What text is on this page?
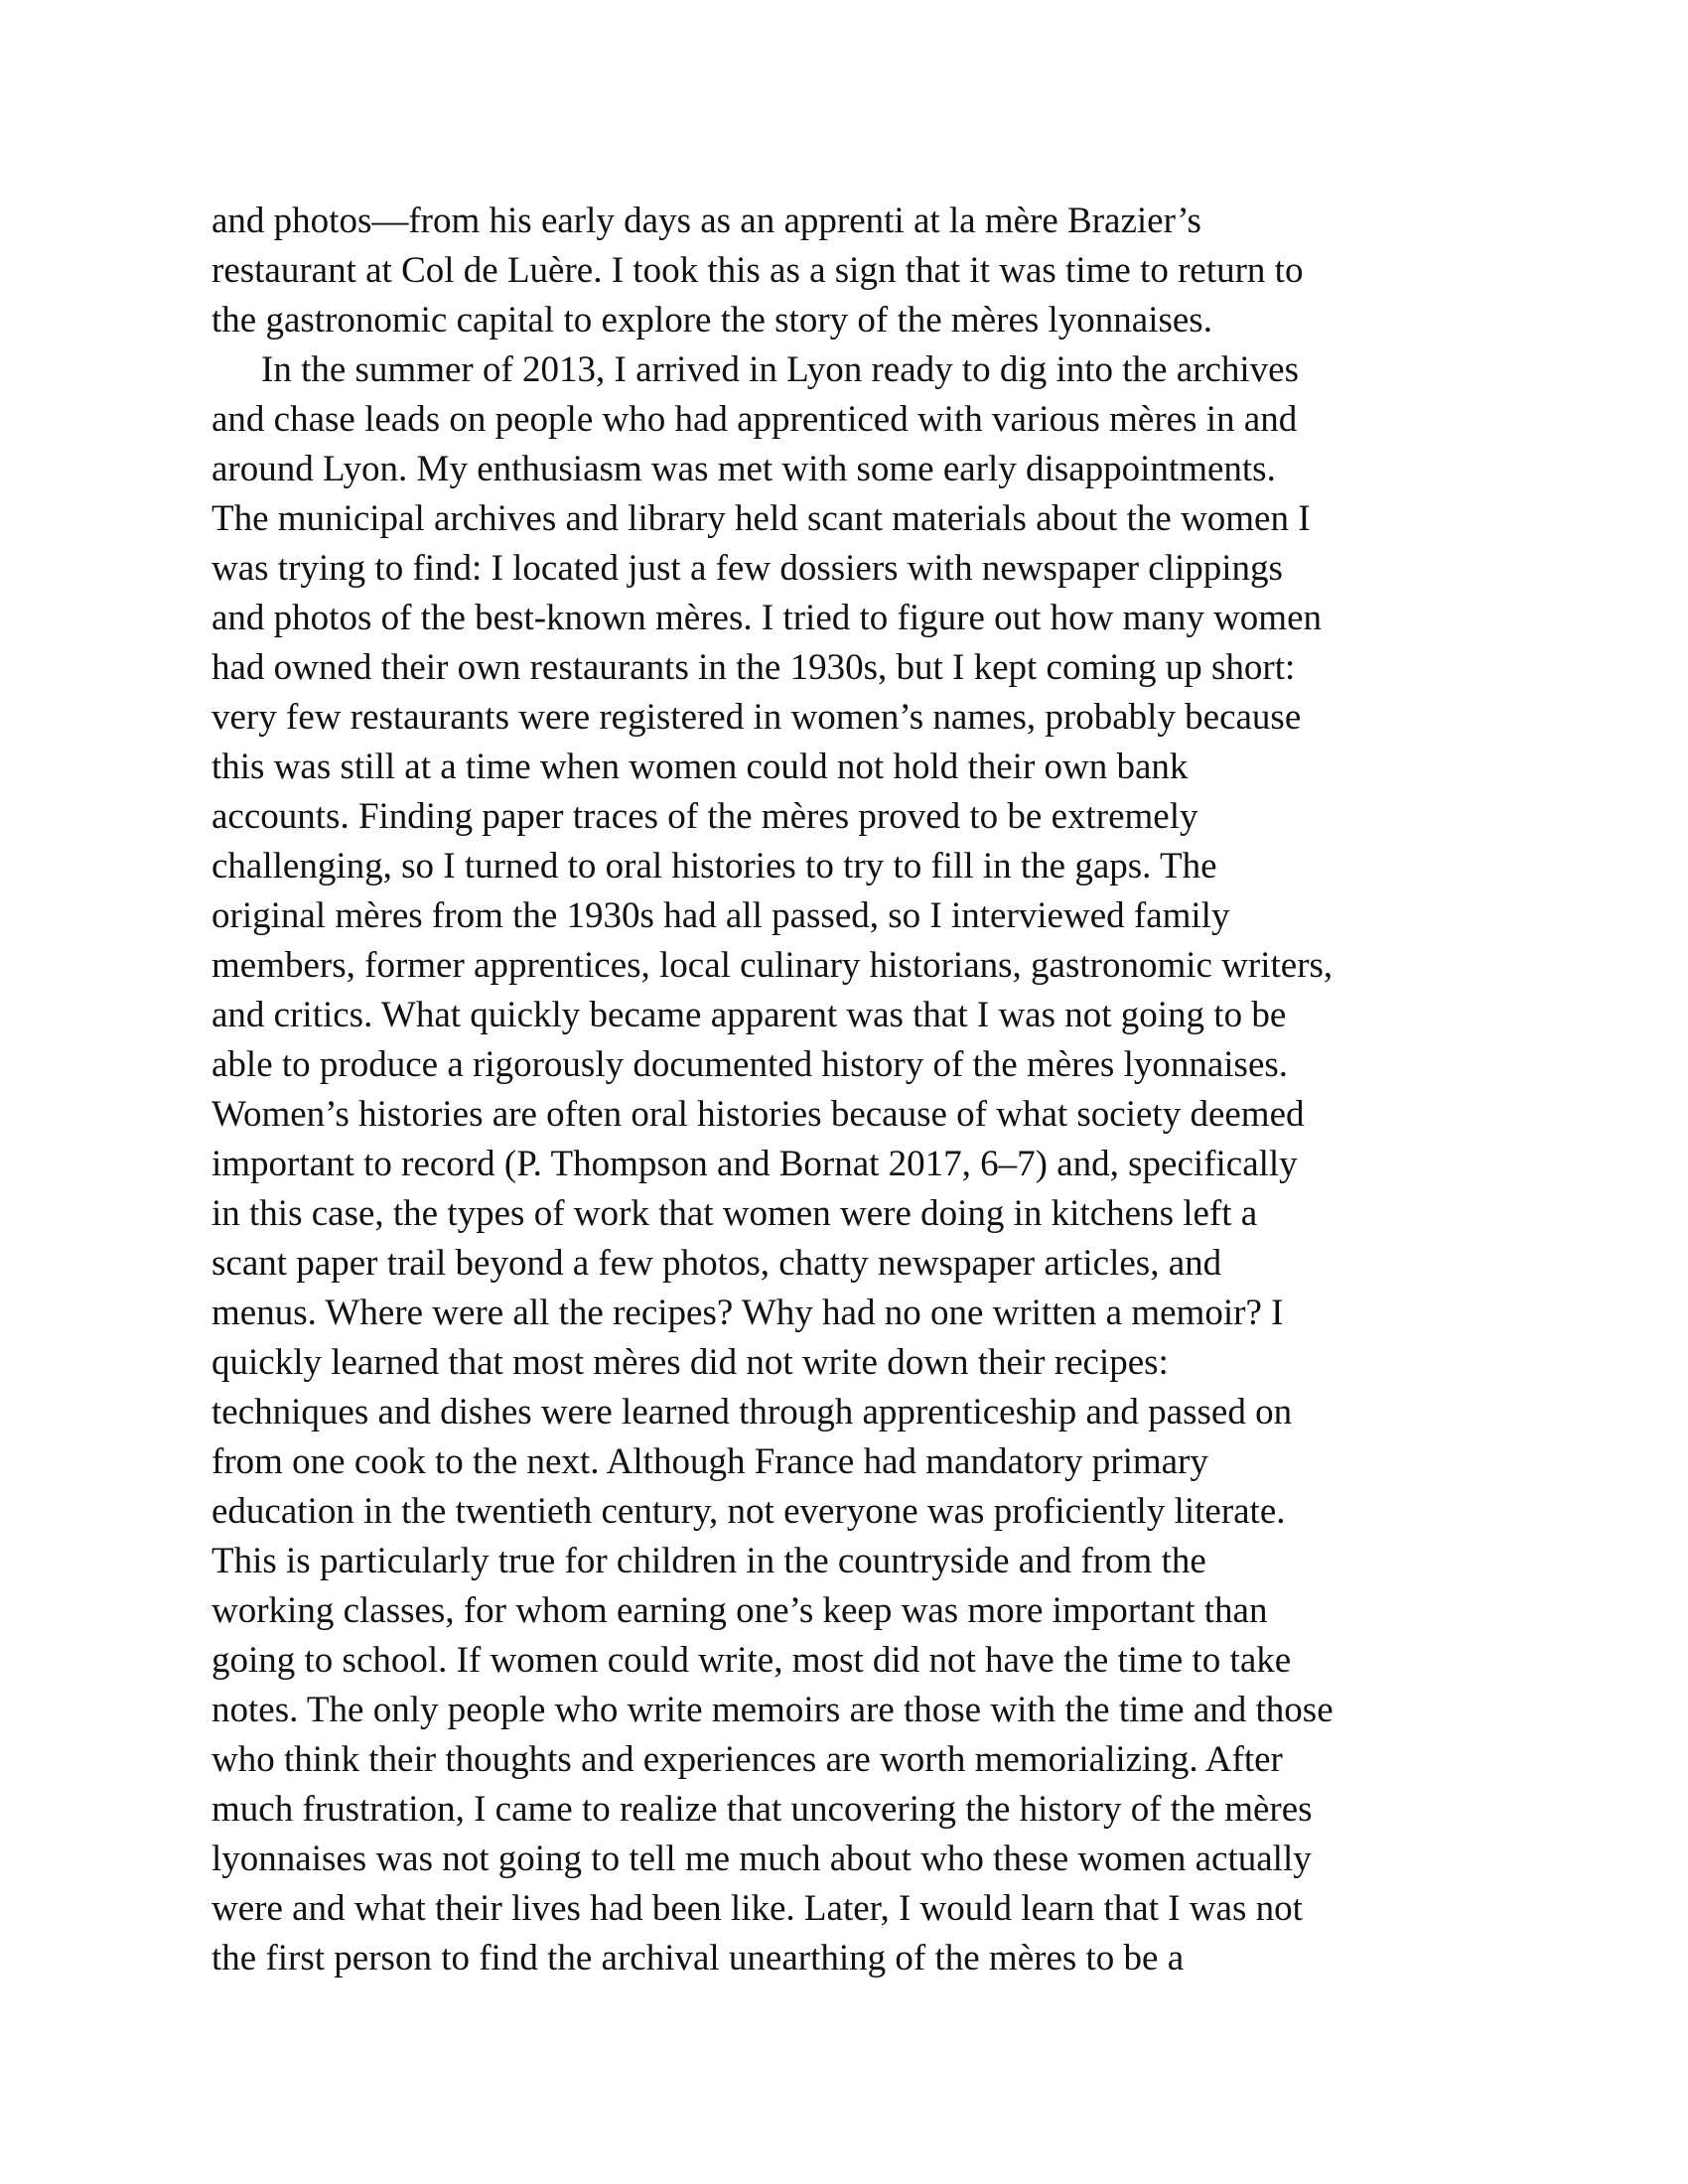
and photos—from his early days as an apprenti at la mère Brazier’s
restaurant at Col de Luère. I took this as a sign that it was time to return to
the gastronomic capital to explore the story of the mères lyonnaises.
In the summer of 2013, I arrived in Lyon ready to dig into the archives
and chase leads on people who had apprenticed with various mères in and
around Lyon. My enthusiasm was met with some early disappointments.
The municipal archives and library held scant materials about the women I
was trying to find: I located just a few dossiers with newspaper clippings
and photos of the best-known mères. I tried to figure out how many women
had owned their own restaurants in the 1930s, but I kept coming up short:
very few restaurants were registered in women’s names, probably because
this was still at a time when women could not hold their own bank
accounts. Finding paper traces of the mères proved to be extremely
challenging, so I turned to oral histories to try to fill in the gaps. The
original mères from the 1930s had all passed, so I interviewed family
members, former apprentices, local culinary historians, gastronomic writers,
and critics. What quickly became apparent was that I was not going to be
able to produce a rigorously documented history of the mères lyonnaises.
Women’s histories are often oral histories because of what society deemed
important to record (P. Thompson and Bornat 2017, 6–7) and, specifically
in this case, the types of work that women were doing in kitchens left a
scant paper trail beyond a few photos, chatty newspaper articles, and
menus. Where were all the recipes? Why had no one written a memoir? I
quickly learned that most mères did not write down their recipes:
techniques and dishes were learned through apprenticeship and passed on
from one cook to the next. Although France had mandatory primary
education in the twentieth century, not everyone was proficiently literate.
This is particularly true for children in the countryside and from the
working classes, for whom earning one’s keep was more important than
going to school. If women could write, most did not have the time to take
notes. The only people who write memoirs are those with the time and those
who think their thoughts and experiences are worth memorializing. After
much frustration, I came to realize that uncovering the history of the mères
lyonnaises was not going to tell me much about who these women actually
were and what their lives had been like. Later, I would learn that I was not
the first person to find the archival unearthing of the mères to be a
